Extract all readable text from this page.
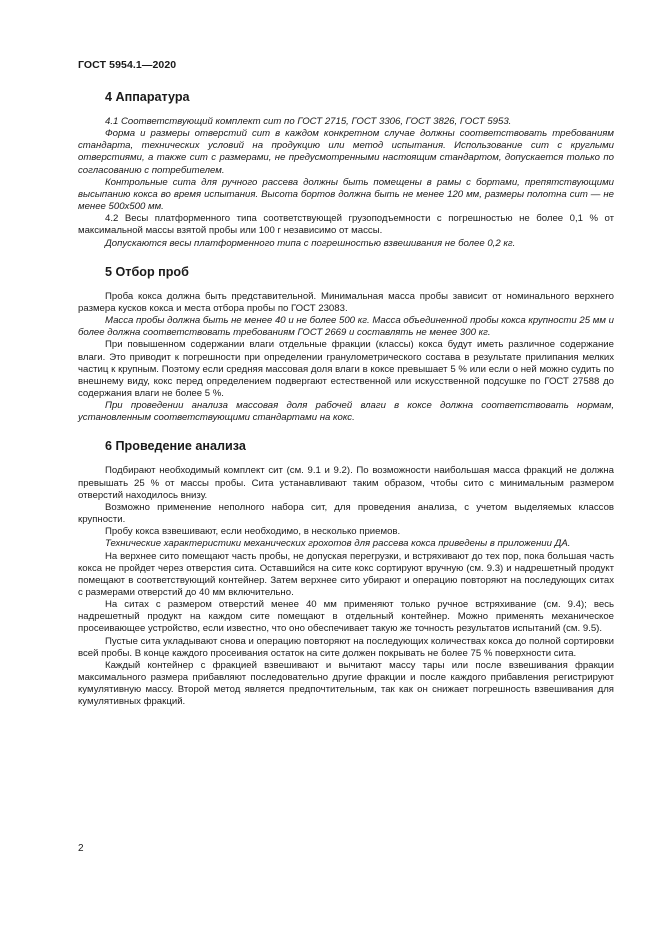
ГОСТ 5954.1—2020
4 Аппаратура

4.1 Соответствующий комплект сит по ГОСТ 2715, ГОСТ 3306, ГОСТ 3826, ГОСТ 5953.

Форма и размеры отверстий сит в каждом конкретном случае должны соответствовать требованиям стандарта, технических условий на продукцию или метод испытания. Использование сит с круглыми отверстиями, а также сит с размерами, не предусмотренными настоящим стандартом, допускается только по согласованию с потребителем.

Контрольные сита для ручного рассева должны быть помещены в рамы с бортами, препятствующими высыпанию кокса во время испытания. Высота бортов должна быть не менее 120 мм, размеры полотна сит — не менее 500х500 мм.

4.2 Весы платформенного типа соответствующей грузоподъемности с погрешностью не более 0,1 % от максимальной массы взятой пробы или 100 г независимо от массы.

Допускаются весы платформенного типа с погрешностью взвешивания не более 0,2 кг.

5 Отбор проб

Проба кокса должна быть представительной. Минимальная масса пробы зависит от номинального верхнего размера кусков кокса и места отбора пробы по ГОСТ 23083.

Масса пробы должна быть не менее 40 и не более 500 кг. Масса объединенной пробы кокса крупности 25 мм и более должна соответствовать требованиям ГОСТ 2669 и составлять не менее 300 кг.

При повышенном содержании влаги отдельные фракции (классы) кокса будут иметь различное содержание влаги. Это приводит к погрешности при определении гранулометрического состава в результате прилипания мелких частиц к крупным. Поэтому если средняя массовая доля влаги в коксе превышает 5 % или если о ней можно судить по внешнему виду, кокс перед определением подвергают естественной или искусственной подсушке по ГОСТ 27588 до содержания влаги не более 5 %.

При проведении анализа массовая доля рабочей влаги в коксе должна соответствовать нормам, установленным соответствующими стандартами на кокс.

6 Проведение анализа

Подбирают необходимый комплект сит (см. 9.1 и 9.2). По возможности наибольшая масса фракций не должна превышать 25 % от массы пробы. Сита устанавливают таким образом, чтобы сито с минимальным размером отверстий находилось внизу.

Возможно применение неполного набора сит, для проведения анализа, с учетом выделяемых классов крупности.

Пробу кокса взвешивают, если необходимо, в несколько приемов.

Технические характеристики механических грохотов для рассева кокса приведены в приложении ДА.

На верхнее сито помещают часть пробы, не допуская перегрузки, и встряхивают до тех пор, пока большая часть кокса не пройдет через отверстия сита. Оставшийся на сите кокс сортируют вручную (см. 9.3) и надрешетный продукт помещают в соответствующий контейнер. Затем верхнее сито убирают и операцию повторяют на последующих ситах с размерами отверстий до 40 мм включительно.

На ситах с размером отверстий менее 40 мм применяют только ручное встряхивание (см. 9.4); весь надрешетный продукт на каждом сите помещают в отдельный контейнер. Можно применять механическое просеивающее устройство, если известно, что оно обеспечивает такую же точность результатов испытаний (см. 9.5).

Пустые сита укладывают снова и операцию повторяют на последующих количествах кокса до полной сортировки всей пробы. В конце каждого просеивания остаток на сите должен покрывать не более 75 % поверхности сита.

Каждый контейнер с фракцией взвешивают и вычитают массу тары или после взвешивания фракции максимального размера прибавляют последовательно другие фракции и после каждого прибавления регистрируют кумулятивную массу. Второй метод является предпочтительным, так как он снижает погрешность взвешивания для кумулятивных фракций.

2
